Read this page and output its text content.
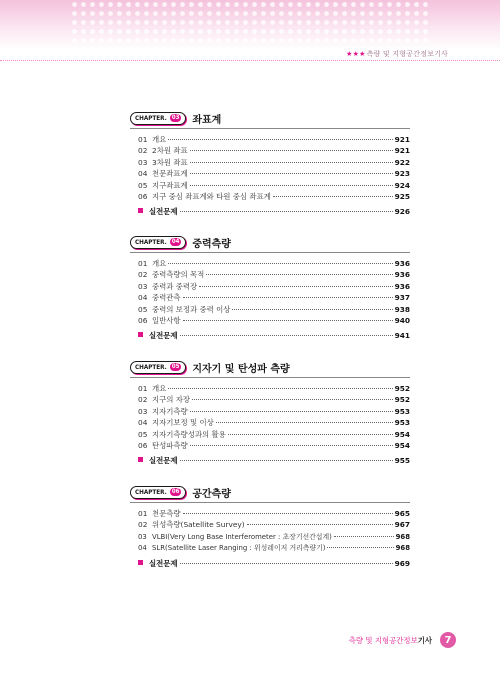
★★★측량 및 지형공간정보기사
CHAPTER. 03 좌표계
01 개요	921
02 2차원 좌표	921
03 3차원 좌표	922
04 천문좌표계	923
05 지구좌표계	924
06 지구 중심 좌표계와 타원 중심 좌표계	925
실전문제	926
CHAPTER. 04 중력측량
01 개요	936
02 중력측량의 목적	936
03 중력과 중력장	936
04 중력관측	937
05 중력의 보정과 중력 이상	938
06 일반사항	940
실전문제	941
CHAPTER. 05 지자기 및 탄성파 측량
01 개요	952
02 지구의 자장	952
03 지자기측량	953
04 지자기보정 및 이상	953
05 지자기측량성과의 활용	954
06 탄성파측량	954
실전문제	955
CHAPTER. 06 공간측량
01 천문측량	965
02 위성측량(Satellite Survey)	967
03 VLBI(Very Long Base Interferometer : 초장기선간섭계)	968
04 SLR(Satellite Laser Ranging : 위성레이저 거리측량기)	968
실전문제	969
측량 및 지형공간정보기사	7
